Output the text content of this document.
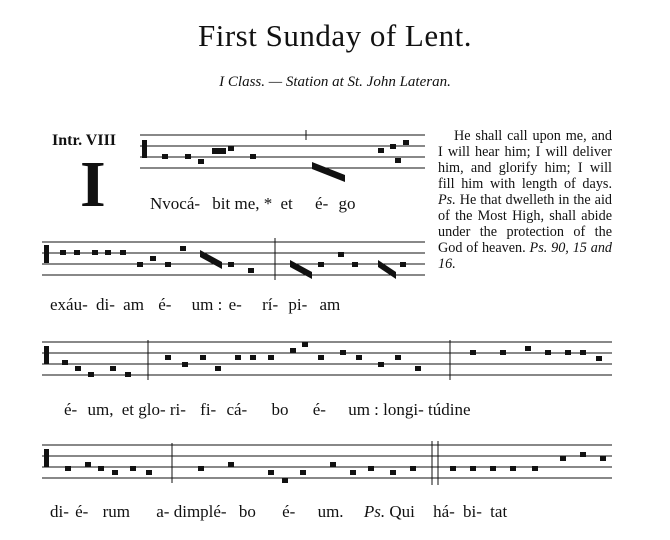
First Sunday of Lent.
I Class. — Station at St. John Lateran.
Intr. VIII
I

He shall call upon me, and I will hear him; I will deliver him, and glorify him; I will fill him with length of days. Ps. He that dwelleth in the aid of the Most High, shall abide under the protection of the God of heaven. Ps. 90, 15 and 16.

Nvocá- bit me, * et é- go
exáu- di- am é- um : e- rí- pi- am
é- um, et glo- ri- fi- cá- bo é- um : longi- túdine
di- é- rum a- dimplé- bo é- um. Ps. Qui há- bi- tat
